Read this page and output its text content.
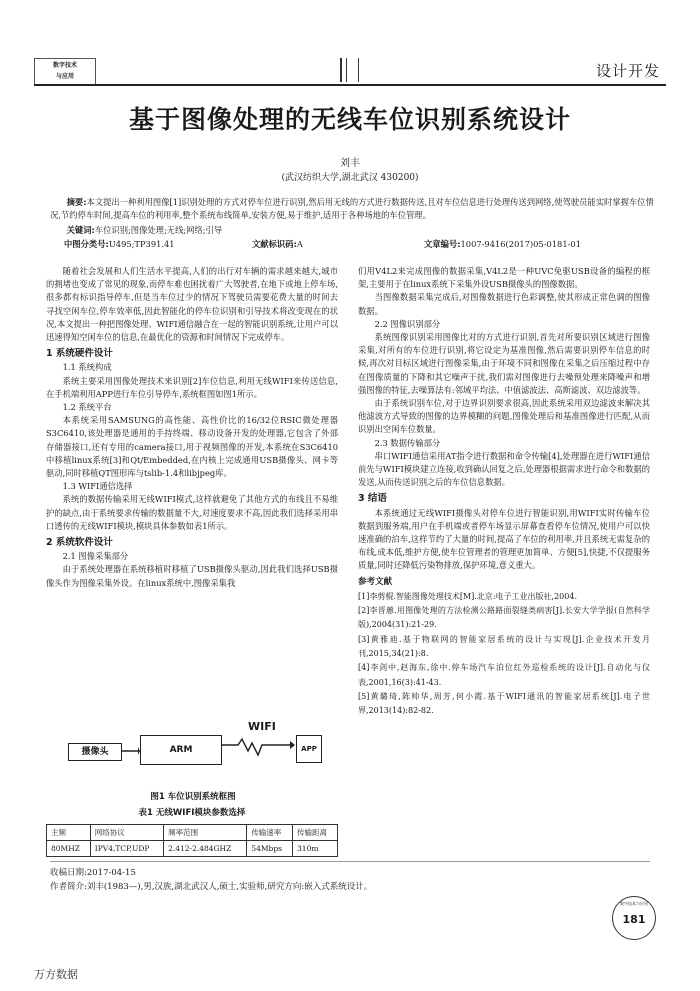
数字技术
与应用	设计开发
基于图像处理的无线车位识别系统设计
刘丰
(武汉纺织大学,湖北武汉 430200)
摘要:本文提出一种利用图像[1]识别处理的方式对停车位进行识别,然后用无线的方式进行数据传送,且对车位信息进行处理传送到网络,使驾驶员能实时掌握车位情况,节约停车时间,提高车位的利用率,整个系统布线简单,安装方便,易于维护,适用于各种场地的车位管理。
关键词:车位识别;图像处理;无线;网络;引导
中图分类号:U495;TP391.41	文献标识码:A	文章编号:1007-9416(2017)05-0181-01

随着社会发展和人们生活水平提高,人们的出行对车辆的需求越来越大,城市的拥堵也变成了常见的现象,而停车难也困扰着广大驾驶者,在地下或地上停车场,很多都有标识指导停车,但是当车位过少的情况下驾驶员需要花费大量的时间去寻找空闲车位,停车效率低,因此智能化的停车位识别和引导技术将改变现在的状况,本文提出一种把图像处理、WIFI通信融合在一起的智能识别系统,让用户可以迅速得知空闲车位的信息,在最优化的资源和时间情况下完成停车。

1 系统硬件设计

1.1 系统构成

系统主要采用图像处理技术来识别[2]车位信息,利用无线WIFI来传送信息,在手机端利用APP进行车位引导停车,系统框图如图1所示。

1.2 系统平台

本系统采用SAMSUNG的高性能、高性价比的16/32位RSIC微处理器S3C6410,该处理器是通用的手持终端、移动设备开发的处理器,它包含了外部存储器接口,还有专用的camera接口,用于视频图像的开发,本系统在S3C6410中移植linux系统[3]和Qt/Embedded,在内核上完成通用USB摄像头、网卡等驱动,同时移植QT图形库与tslib-1.4和libjpeg库。

1.3 WIFI通信选择

系统的数据传输采用无线WIFI模式,这样就避免了其他方式的布线且不易维护的缺点,由于系统要求传输的数据量不大,对速度要求不高,因此我们选择采用串口透传的无线WIFI模块,模块具体参数如表1所示。

2 系统软件设计

2.1 图像采集部分

由于系统处理器在系统移植时移植了USB摄像头驱动,因此我们选择USB摄像头作为图像采集外设。在linux系统中,图像采集我

摄像头	ARM	APP
WIFI
图1 车位识别系统框图
表1 无线WIFI模块参数选择
主频	网络协议	频率范围	传输速率	传输距离
80MHZ	IPV4,TCP,UDP	2.412-2.484GHZ	54Mbps	310m

们用V4L2来完成图像的数据采集,V4L2是一种UVC免驱USB设备的编程的框架,主要用于在linux系统下采集外设USB摄像头的图像数据。

当图像数据采集完成后,对图像数据进行色彩调整,使其形成正常色调的图像数据。

2.2 图像识别部分

系统图像识别采用图像比对的方式进行识别,首先对所要识别区域进行图像采集,对所有的车位进行识别,将它设定为基准图像,然后需要识别停车信息的时候,再次对目标区域进行图像采集,由于环境不同和图像在采集之后压缩过程中存在图像质量的下降和其它噪声干扰,我们需对图像进行去噪预处理来降噪声和增强图像的特征,去噪算法有:邻域平均法、中值滤波法、高斯滤波、双边滤波等。

由于系统识别车位,对于边界识别要求很高,因此系统采用双边滤波来解决其他滤波方式导致的图像的边界模糊的问题,图像处理后和基准图像进行匹配,从而识别出空闲车位数量。

2.3 数据传输部分

串口WIFI通信采用AT指令进行数据和命令传输[4],处理器在进行WIFI通信前先与WIFI模块建立连接,收到确认回复之后,处理器根据需求进行命令和数据的发送,从而传送识别之后的车位信息数据。

3 结语

本系统通过无线WIFI摄像头对停车位进行智能识别,用WIFI实时传输车位数据到服务端,用户在手机端或者停车场显示屏幕查看停车位情况,使用户可以快速准确的泊车,这样节约了大量的时间,提高了车位的利用率,并且系统无需复杂的布线,成本低,维护方便,使车位管理者的管理更加简单、方便[5],快捷,不仅提服务质量,同时还降低污染物排放,保护环境,意义重大。

参考文献

[1]李剪棍.智能图像处理技术[M].北京:电子工业出版社,2004.

[2]李晋蕙.用图像处理的方法检测公路路面裂缝类病害[J].长安大学学报(自然科学版),2004(31):21-29.

[3]黄雅迪.基于物联网的智能家居系统的设计与实现[J].企业技术开发月刊,2015,34(21):8.

[4]李剑中,赵海东,徐中.停车场汽车泊位红外巡检系统的设计[J].自动化与仪表,2001,16(3):41-43.

[5]黄璐琦,陈帅华,周芳,何小霞.基于WIFI通讯的智能家居系统[J].电子世界,2013(14):82-82.

收稿日期:2017-04-15

作者简介:刘丰(1983—),男,汉族,湖北武汉人,硕士,实验师,研究方向:嵌入式系统设计。

数字技术与应用
181
万方数据
